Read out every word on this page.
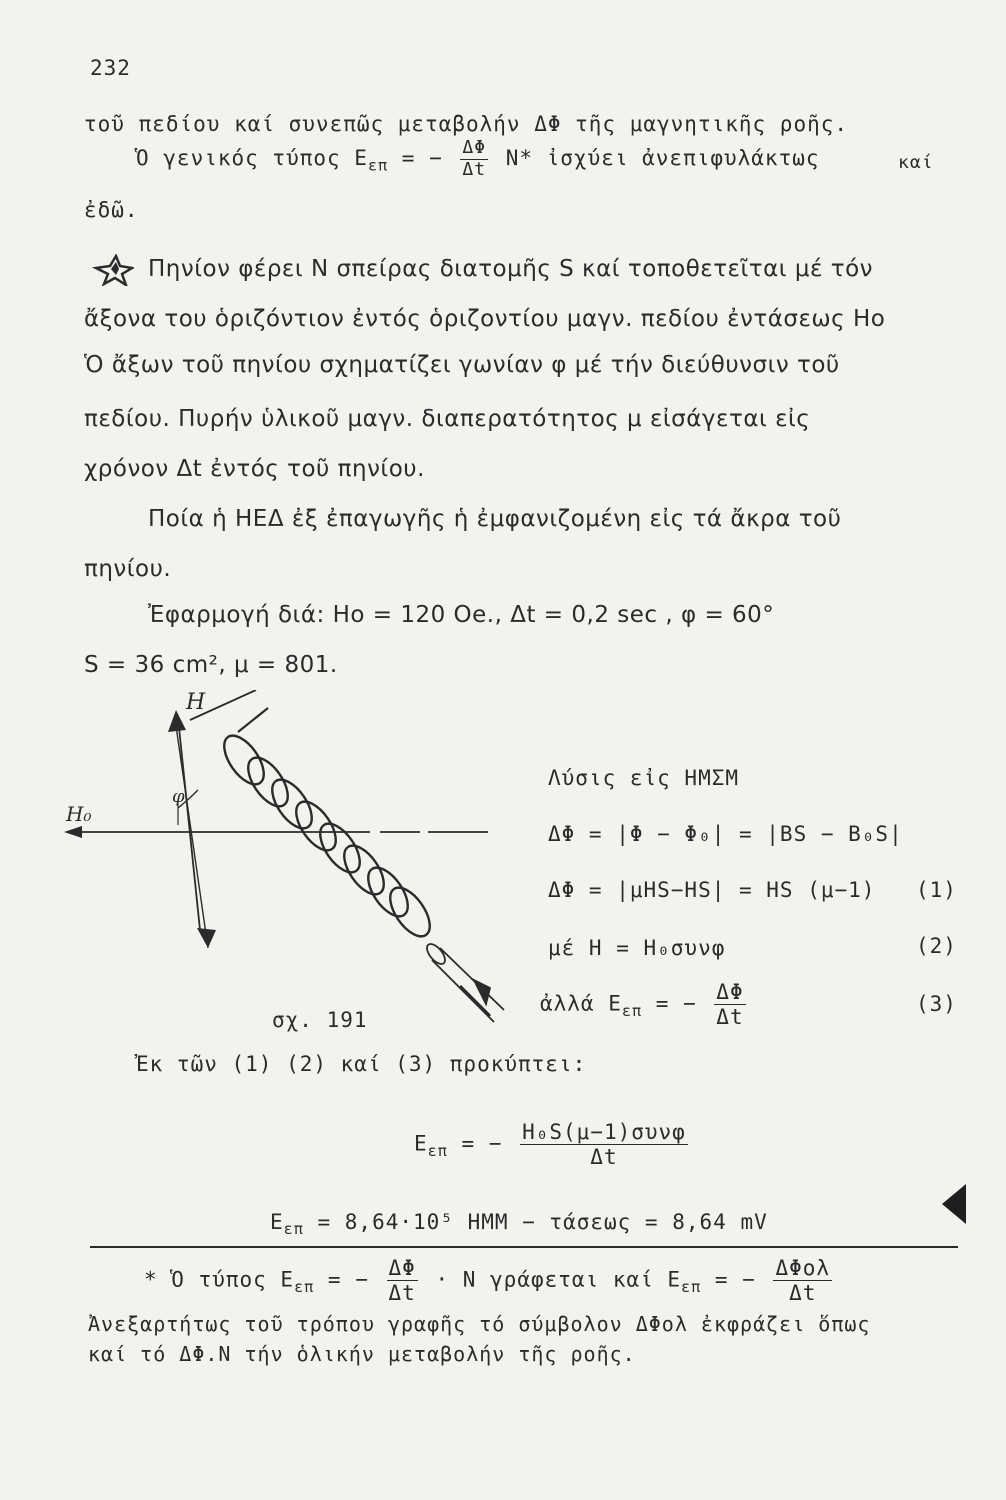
232
τοῦ πεδίου καί συνεπῶς μεταβολήν ΔΦ τῆς μαγνητικῆς ροῆς.
Ὁ γενικός τύπος $E_{\varepsilon\pi}$ = − $\frac{\Delta\Phi}{\Delta t} N*$ ἰσχύει ἀνεπιφυλάκτως	καί
ἐδῶ.
Πηνίον φέρει Ν σπείρας διατομῆς S καί τοποθετεῖται μέ τόν
ἄξονα του ὁριζόντιον ἐντός ὁριζοντίου μαγν. πεδίου ἐντάσεως Ho
Ὁ ἄξων τοῦ πηνίου σχηματίζει γωνίαν φ μέ τήν διεύθυνσιν τοῦ
πεδίου. Πυρήν ὑλικοῦ μαγν. διαπερατότητος μ εἰσάγεται εἰς
χρόνον Δt ἐντός τοῦ πηνίου.
Ποία ἡ ΗΕΔ ἐξ ἐπαγωγῆς ἡ ἐμφανιζομένη εἰς τά ἄκρα τοῦ
πηνίου.
Ἐφαρμογή διά: Ho = 120 Oe., Δt = 0,2 sec , φ = 60°
S = 36 cm², μ = 801.
H
H₀
φ
σχ. 191
Λύσις εἰς ΗΜΣΜ
ΔΦ = |Φ − Φ₀| = |BS − B₀S|
ΔΦ = |μHS−HS| = HS (μ−1) (1)
μέ H = H₀συνφ	(2)
ἀλλά $E_{\varepsilon\pi}$ = − $\frac{\Delta\Phi}{\Delta t}$	(3)
Ἐκ τῶν (1) (2) καί (3) προκύπτει:
$E_{\varepsilon\pi}$ = − $\frac{\text{H₀S(μ−1)συνφ}}{\Delta t}$
$E_{\varepsilon\pi} = 8,64\cdot 10^5$ ΗΜΜ − τάσεως = 8,64 mV
* Ὁ τύπος $E_{\varepsilon\pi}$ = − $\frac{\Delta\Phi}{\Delta t} \cdot N$ γράφεται καί $E_{\varepsilon\pi}$ = − $\frac{\text{ΔΦολ}}{\Delta t}$
Ἀνεξαρτήτως τοῦ τρόπου γραφῆς τό σύμβολον ΔΦολ ἐκφράζει ὅπως
καί τό ΔΦ.Ν τήν ὁλικήν μεταβολήν τῆς ροῆς.
